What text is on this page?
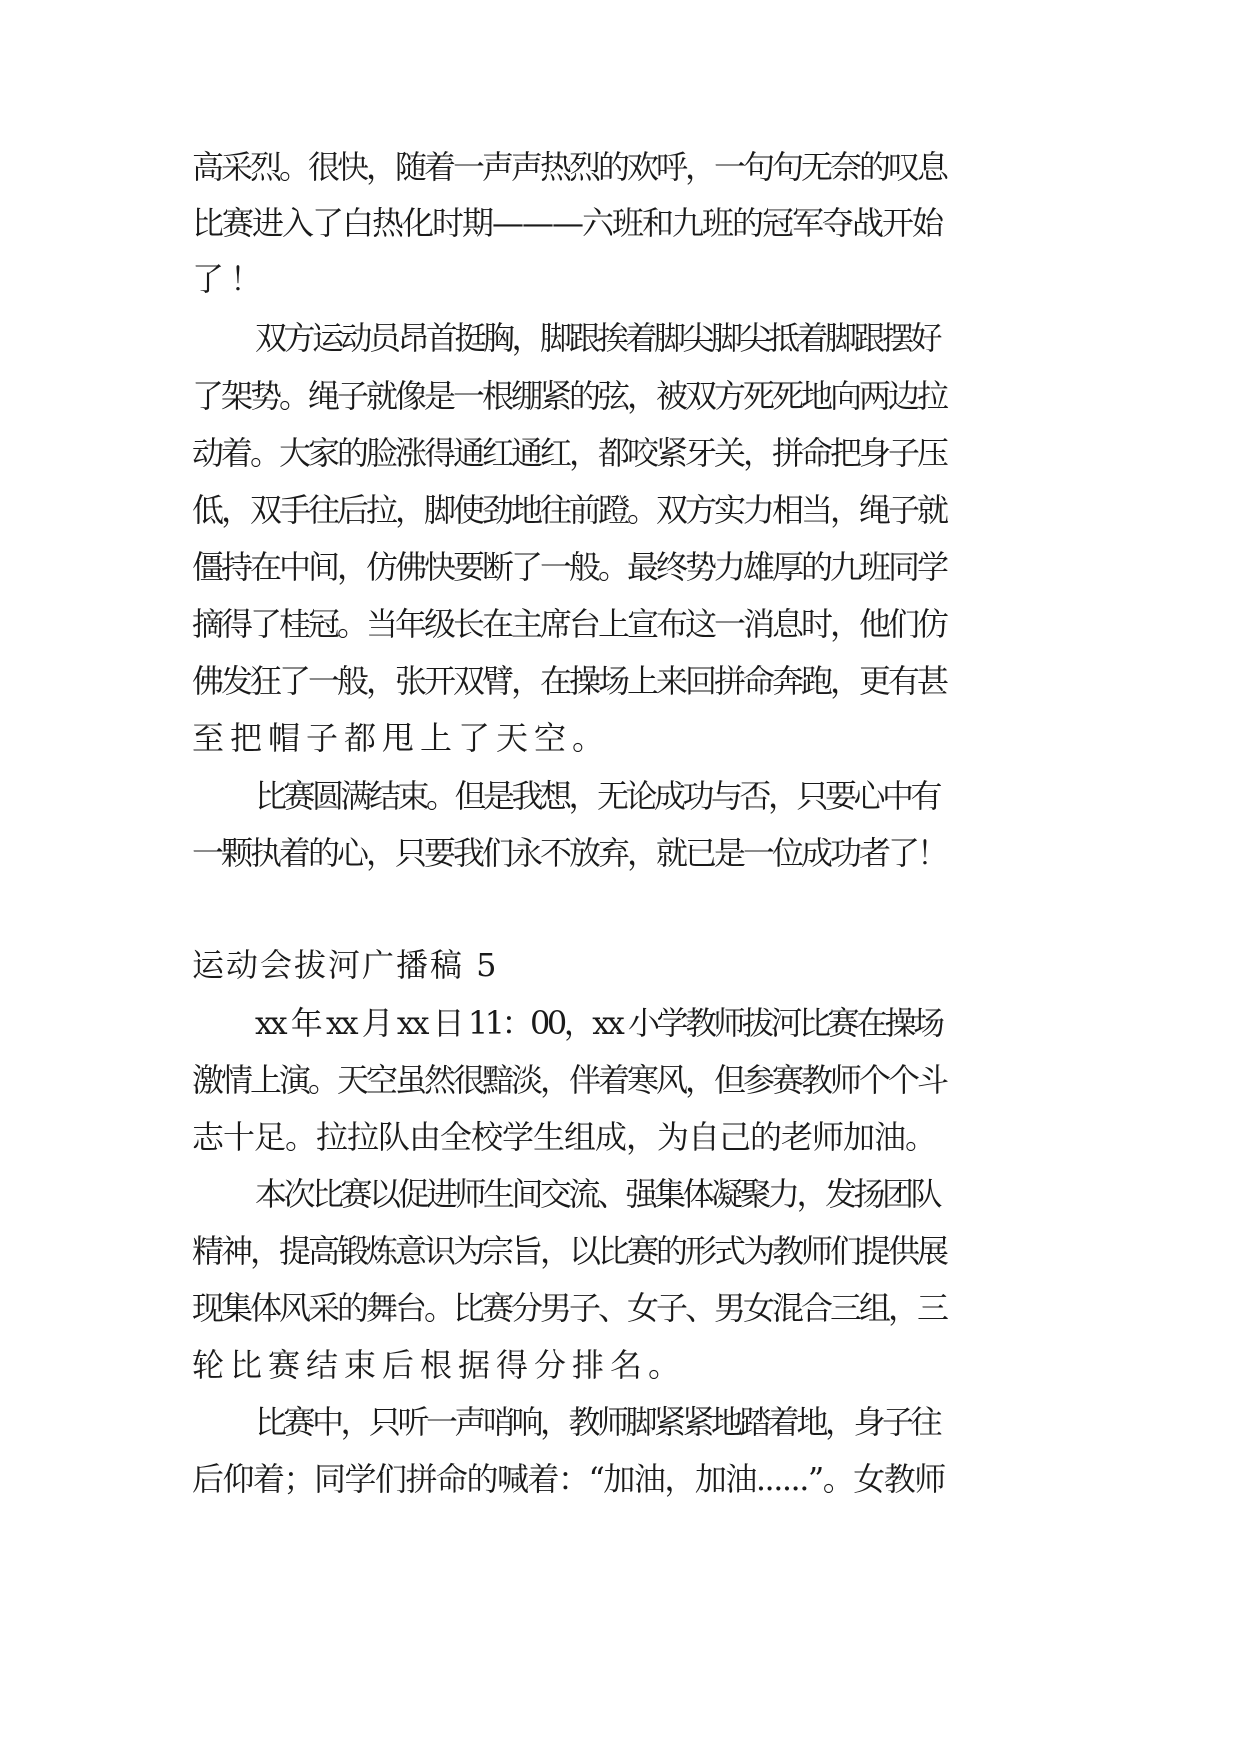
高采烈。很快，随着一声声热烈的欢呼，一句句无奈的叹息
比赛进入了白热化时期———六班和九班的冠军夺战开始
了！
双方运动员昂首挺胸，脚跟挨着脚尖脚尖抵着脚跟摆好
了架势。绳子就像是一根绷紧的弦，被双方死死地向两边拉
动着。大家的脸涨得通红通红，都咬紧牙关，拼命把身子压
低，双手往后拉，脚使劲地往前蹬。双方实力相当，绳子就
僵持在中间，仿佛快要断了一般。最终势力雄厚的九班同学
摘得了桂冠。当年级长在主席台上宣布这一消息时，他们仿
佛发狂了一般，张开双臂，在操场上来回拼命奔跑，更有甚
至把帽子都甩上了天空。
比赛圆满结束。但是我想，无论成功与否，只要心中有
一颗执着的心，只要我们永不放弃，就已是一位成功者了！
运动会拔河广播稿 5
xx 年 xx 月 xx 日 11：00，xx 小学教师拔河比赛在操场
激情上演。天空虽然很黯淡，伴着寒风，但参赛教师个个斗
志十足。拉拉队由全校学生组成，为自己的老师加油。
本次比赛以促进师生间交流、强集体凝聚力，发扬团队
精神，提高锻炼意识为宗旨，以比赛的形式为教师们提供展
现集体风采的舞台。比赛分男子、女子、男女混合三组，三
轮比赛结束后根据得分排名。
比赛中，只听一声哨响，教师脚紧紧地踏着地，身子往
后仰着；同学们拼命的喊着：“加油，加油......”。女教师
